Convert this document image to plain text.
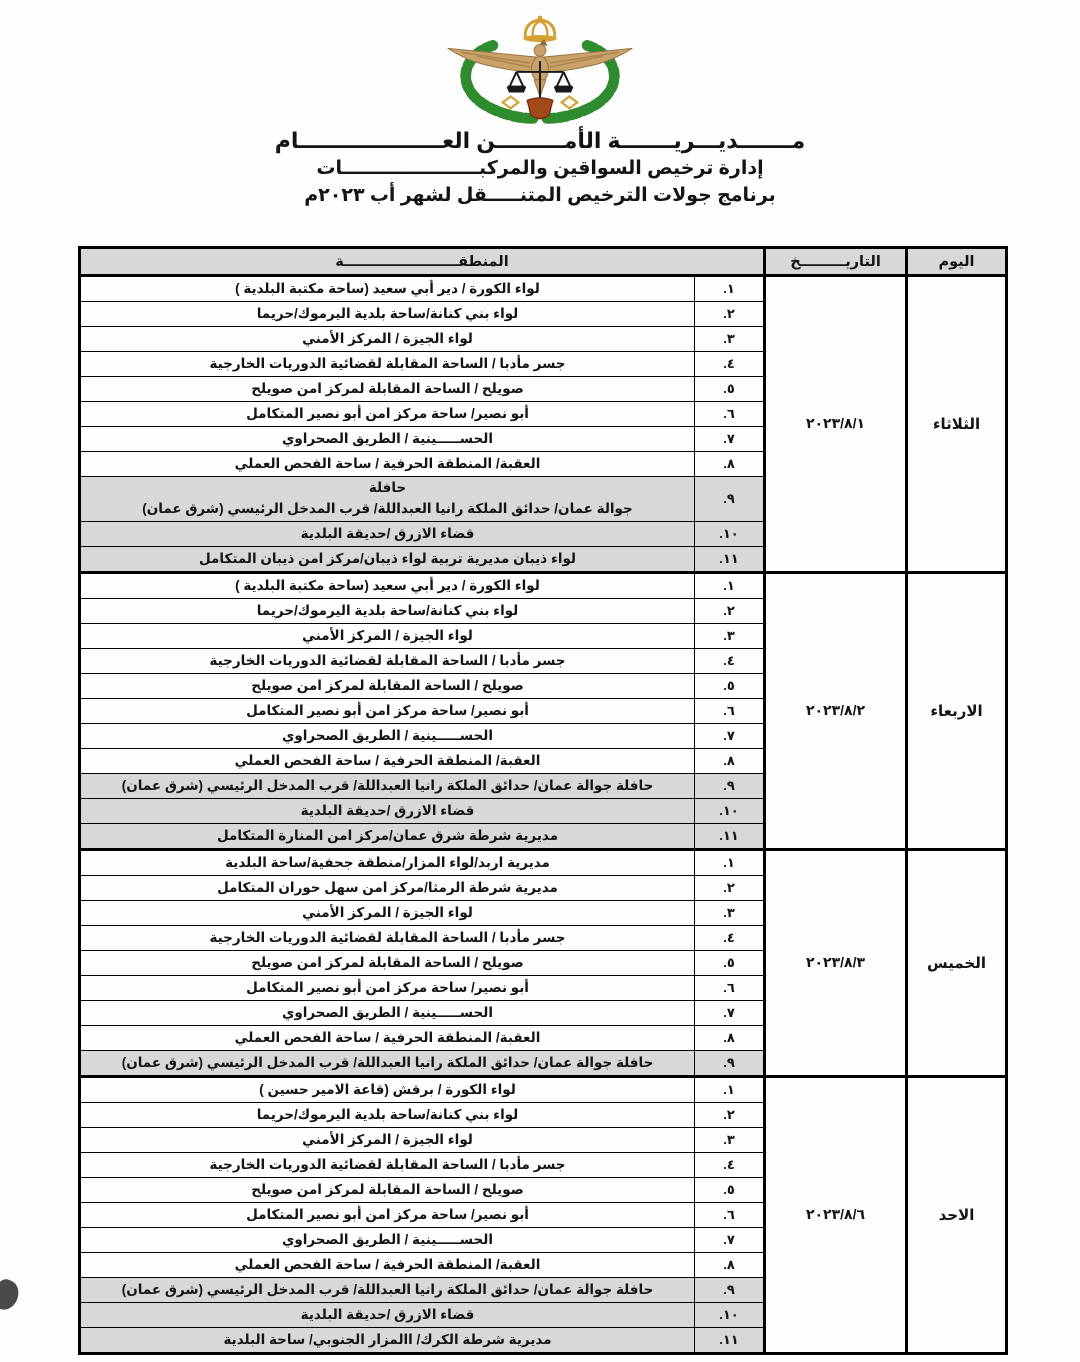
مـــــــديـــريـــــــة الأمـــــــــن العـــــــــــــــــــام
إدارة ترخيص السواقين والمركبـــــــــــــــــــــات
برنامج جولات الترخيص المتنـــــقل لشهر أب ٢٠٢٣م
اليوم	التاريـــــــــخ	المنطقـــــــــــــــــــــــة	
الثلاثاء	٢٠٢٣/٨/١	١.	لواء الكورة / دير أبي سعيد (ساحة مكتبة البلدية )
		٢.	لواء بني كنانة/ساحة بلدية اليرموك/حريما
		٣.	لواء الجيزة / المركز الأمني
		٤.	جسر مأدبا / الساحة المقابلة لقضائية الدوريات الخارجية
		٥.	صويلح / الساحة المقابلة لمركز امن صويلح
		٦.	أبو نصير/ ساحة مركز امن أبو نصير المتكامل
		٧.	الحســـــينية / الطريق الصحراوي
		٨.	العقبة/ المنطقة الحرفية / ساحة الفحص العملي
		٩.	حافلة
جوالة عمان/ حدائق الملكة رانيا العبداللة/ قرب المدخل الرئيسي (شرق عمان)

		١٠.	قضاء الازرق /حديقة البلدية
		١١.	لواء ذيبان مديرية تربية لواء ذيبان/مركز امن ذيبان المتكامل
الاربعاء	٢٠٢٣/٨/٢	١.	لواء الكورة / دير أبي سعيد (ساحة مكتبة البلدية )
		٢.	لواء بني كنانة/ساحة بلدية اليرموك/حريما
		٣.	لواء الجيزة / المركز الأمني
		٤.	جسر مأدبا / الساحة المقابلة لقضائية الدوريات الخارجية
		٥.	صويلح / الساحة المقابلة لمركز امن صويلح
		٦.	أبو نصير/ ساحة مركز امن أبو نصير المتكامل
		٧.	الحســـــينية / الطريق الصحراوي
		٨.	العقبة/ المنطقة الحرفية / ساحة الفحص العملي
		٩.	حافلة جوالة عمان/ حدائق الملكة رانيا العبداللة/ قرب المدخل الرئيسي (شرق عمان)
		١٠.	قضاء الازرق /حديقة البلدية
		١١.	مديرية شرطة شرق عمان/مركز امن المنارة المتكامل
الخميس	٢٠٢٣/٨/٣	١.	مديرية اربد/لواء المزار/منطقة جحفية/ساحة البلدية
		٢.	مديرية شرطة الرمثا/مركز امن سهل حوران المتكامل
		٣.	لواء الجيزة / المركز الأمني
		٤.	جسر مأدبا / الساحة المقابلة لقضائية الدوريات الخارجية
		٥.	صويلح / الساحة المقابلة لمركز امن صويلح
		٦.	أبو نصير/ ساحة مركز امن أبو نصير المتكامل
		٧.	الحســـــينية / الطريق الصحراوي
		٨.	العقبة/ المنطقة الحرفية / ساحة الفحص العملي
		٩.	حافلة جوالة عمان/ حدائق الملكة رانيا العبداللة/ قرب المدخل الرئيسي (شرق عمان)
الاحد	٢٠٢٣/٨/٦	١.	لواء الكورة / برقش (قاعة الامير حسين )
		٢.	لواء بني كنانة/ساحة بلدية اليرموك/حريما
		٣.	لواء الجيزة / المركز الأمني
		٤.	جسر مأدبا / الساحة المقابلة لقضائية الدوريات الخارجية
		٥.	صويلح / الساحة المقابلة لمركز امن صويلح
		٦.	أبو نصير/ ساحة مركز امن أبو نصير المتكامل
		٧.	الحســـــينية / الطريق الصحراوي
		٨.	العقبة/ المنطقة الحرفية / ساحة الفحص العملي
		٩.	حافلة جوالة عمان/ حدائق الملكة رانيا العبداللة/ قرب المدخل الرئيسي (شرق عمان)
		١٠.	قضاء الازرق /حديقة البلدية
		١١.	مديرية شرطة الكرك/ االمزار الجنوبي/ ساحة البلدية
